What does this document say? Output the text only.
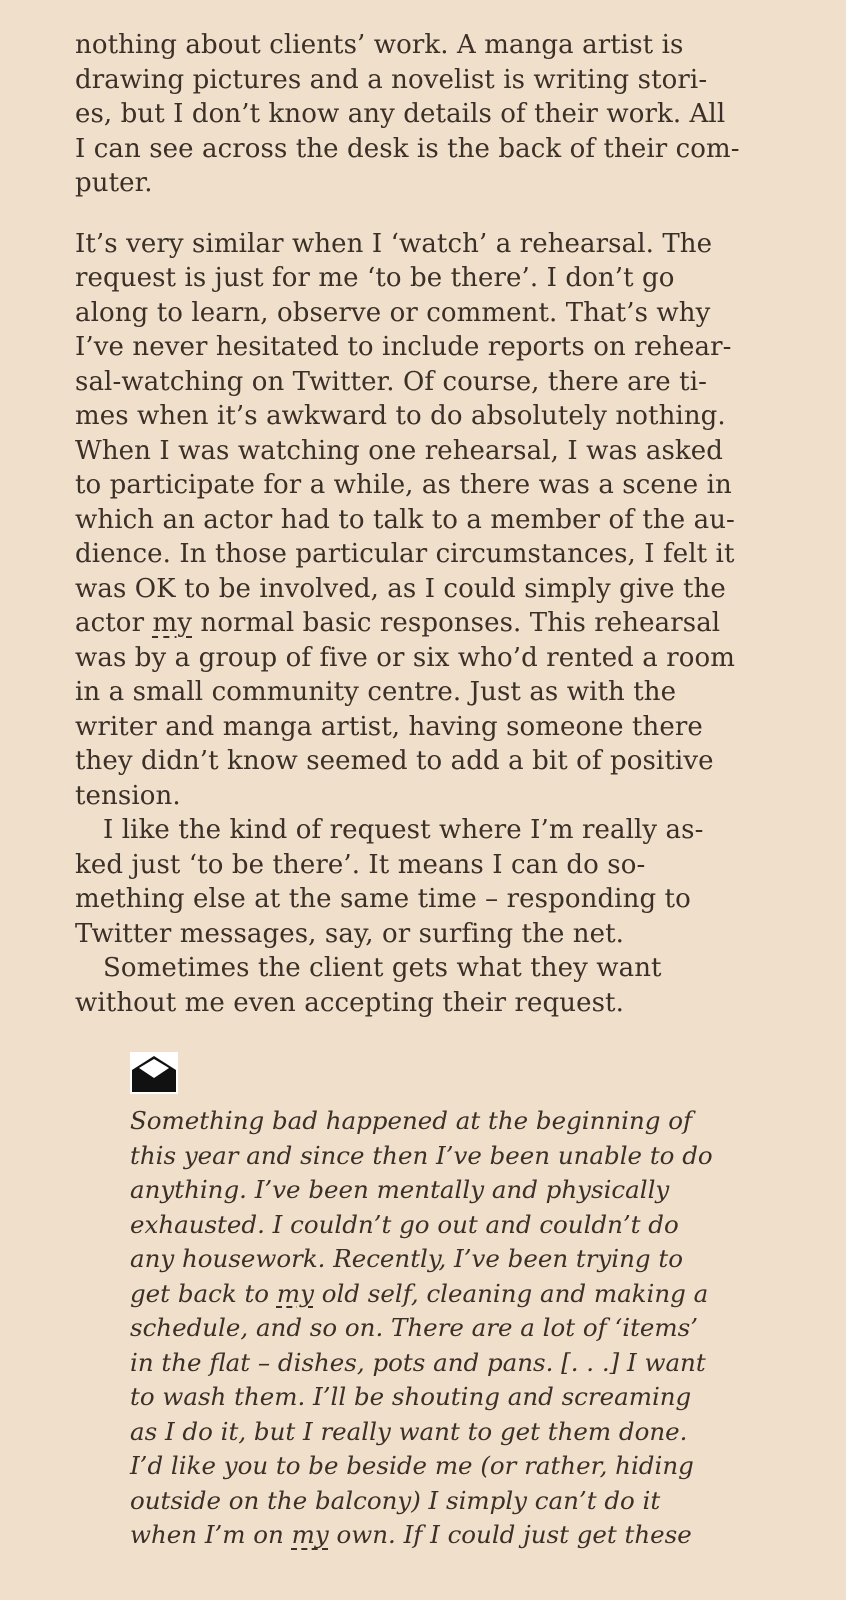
nothing about clients’ work. A manga artist is
drawing pictures and a novelist is writing stori-
es, but I don’t know any details of their work. All
I can see across the desk is the back of their com-
puter.

It’s very similar when I ‘watch’ a rehearsal. The
request is just for me ‘to be there’. I don’t go
along to learn, observe or comment. That’s why
I’ve never hesitated to include reports on rehear-
sal-watching on Twitter. Of course, there are ti-
mes when it’s awkward to do absolutely nothing.
When I was watching one rehearsal, I was asked
to participate for a while, as there was a scene in
which an actor had to talk to a member of the au-
dience. In those particular circumstances, I felt it
was OK to be involved, as I could simply give the
actor my normal basic responses. This rehearsal
was by a group of five or six who’d rented a room
in a small community centre. Just as with the
writer and manga artist, having someone there
they didn’t know seemed to add a bit of positive
tension.

I like the kind of request where I’m really as-
ked just ‘to be there’. It means I can do so-
mething else at the same time – responding to
Twitter messages, say, or surfing the net.

Sometimes the client gets what they want
without me even accepting their request.

Something bad happened at the beginning of
this year and since then I’ve been unable to do
anything. I’ve been mentally and physically
exhausted. I couldn’t go out and couldn’t do
any housework. Recently, I’ve been trying to
get back to my old self, cleaning and making a
schedule, and so on. There are a lot of ‘items’
in the flat – dishes, pots and pans. [. . .] I want
to wash them. I’ll be shouting and screaming
as I do it, but I really want to get them done.
I’d like you to be beside me (or rather, hiding
outside on the balcony) I simply can’t do it
when I’m on my own. If I could just get these
